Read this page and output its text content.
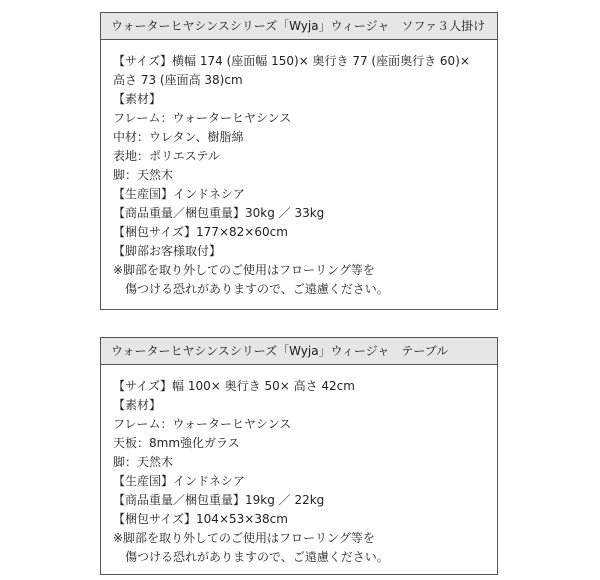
ウォーターヒヤシンスシリーズ「Wyja」ウィージャ　ソファ３人掛け
【サイズ】横幅 174 (座面幅 150)× 奥行き 77 (座面奥行き 60)×
高さ 73 (座面高 38)cm
【素材】
フレーム：ウォーターヒヤシンス
中材：ウレタン、樹脂綿
表地：ポリエステル
脚：天然木
【生産国】インドネシア
【商品重量／梱包重量】30kg ／ 33kg
【梱包サイズ】177×82×60cm
【脚部お客様取付】
※脚部を取り外してのご使用はフローリング等を
　傷つける恐れがありますので、ご遠慮ください。
ウォーターヒヤシンスシリーズ「Wyja」ウィージャ　テーブル
【サイズ】幅 100× 奥行き 50× 高さ 42cm
【素材】
フレーム：ウォーターヒヤシンス
天板：8mm強化ガラス
脚：天然木
【生産国】インドネシア
【商品重量／梱包重量】19kg ／ 22kg
【梱包サイズ】104×53×38cm
※脚部を取り外してのご使用はフローリング等を
　傷つける恐れがありますので、ご遠慮ください。
